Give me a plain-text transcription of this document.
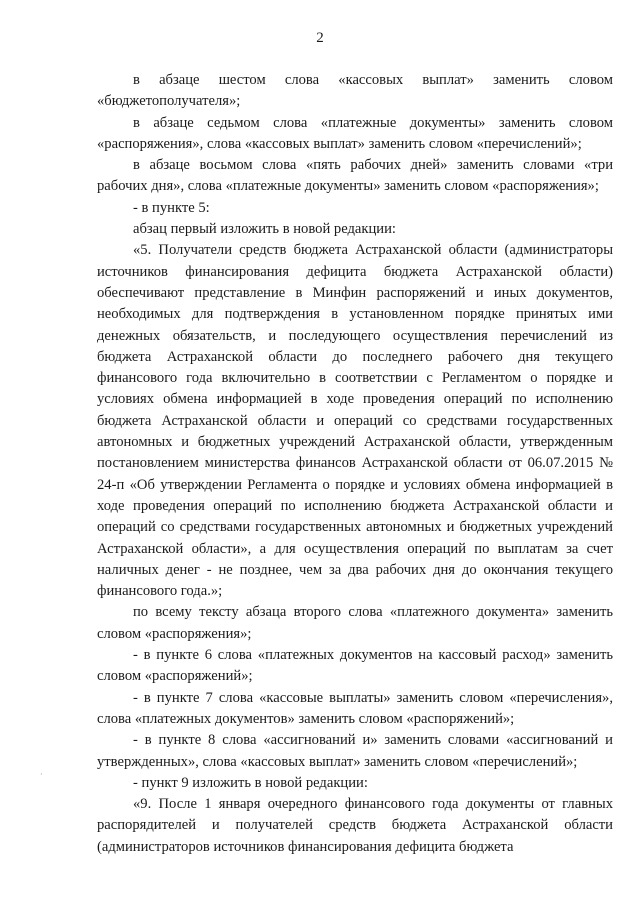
2
·

в абзаце шестом слова «кассовых выплат» заменить словом «бюджетополучателя»;

в абзаце седьмом слова «платежные документы» заменить словом «распоряжения», слова «кассовых выплат» заменить словом «перечислений»;

в абзаце восьмом слова «пять рабочих дней» заменить словами «три рабочих дня», слова «платежные документы» заменить словом «распоряжения»;

- в пункте 5:

абзац первый изложить в новой редакции:

«5. Получатели средств бюджета Астраханской области (администраторы источников финансирования дефицита бюджета Астраханской области) обеспечивают представление в Минфин распоряжений и иных документов, необходимых для подтверждения в установленном порядке принятых ими денежных обязательств, и последующего осуществления перечислений из бюджета Астраханской области до последнего рабочего дня текущего финансового года включительно в соответствии с Регламентом о порядке и условиях обмена информацией в ходе проведения операций по исполнению бюджета Астраханской области и операций со средствами государственных автономных и бюджетных учреждений Астраханской области, утвержденным постановлением министерства финансов Астраханской области от 06.07.2015 № 24-п «Об утверждении Регламента о порядке и условиях обмена информацией в ходе проведения операций по исполнению бюджета Астраханской области и операций со средствами государственных автономных и бюджетных учреждений Астраханской области», а для осуществления операций по выплатам за счет наличных денег - не позднее, чем за два рабочих дня до окончания текущего финансового года.»;

по всему тексту абзаца второго слова «платежного документа» заменить словом «распоряжения»;

- в пункте 6 слова «платежных документов на кассовый расход» заменить словом «распоряжений»;

- в пункте 7 слова «кассовые выплаты» заменить словом «перечисления», слова «платежных документов» заменить словом «распоряжений»;

- в пункте 8 слова «ассигнований и» заменить словами «ассигнований и утвержденных», слова «кассовых выплат» заменить словом «перечислений»;

- пункт 9 изложить в новой редакции:

«9. После 1 января очередного финансового года документы от главных распорядителей и получателей средств бюджета Астраханской области (администраторов источников финансирования дефицита бюджета
